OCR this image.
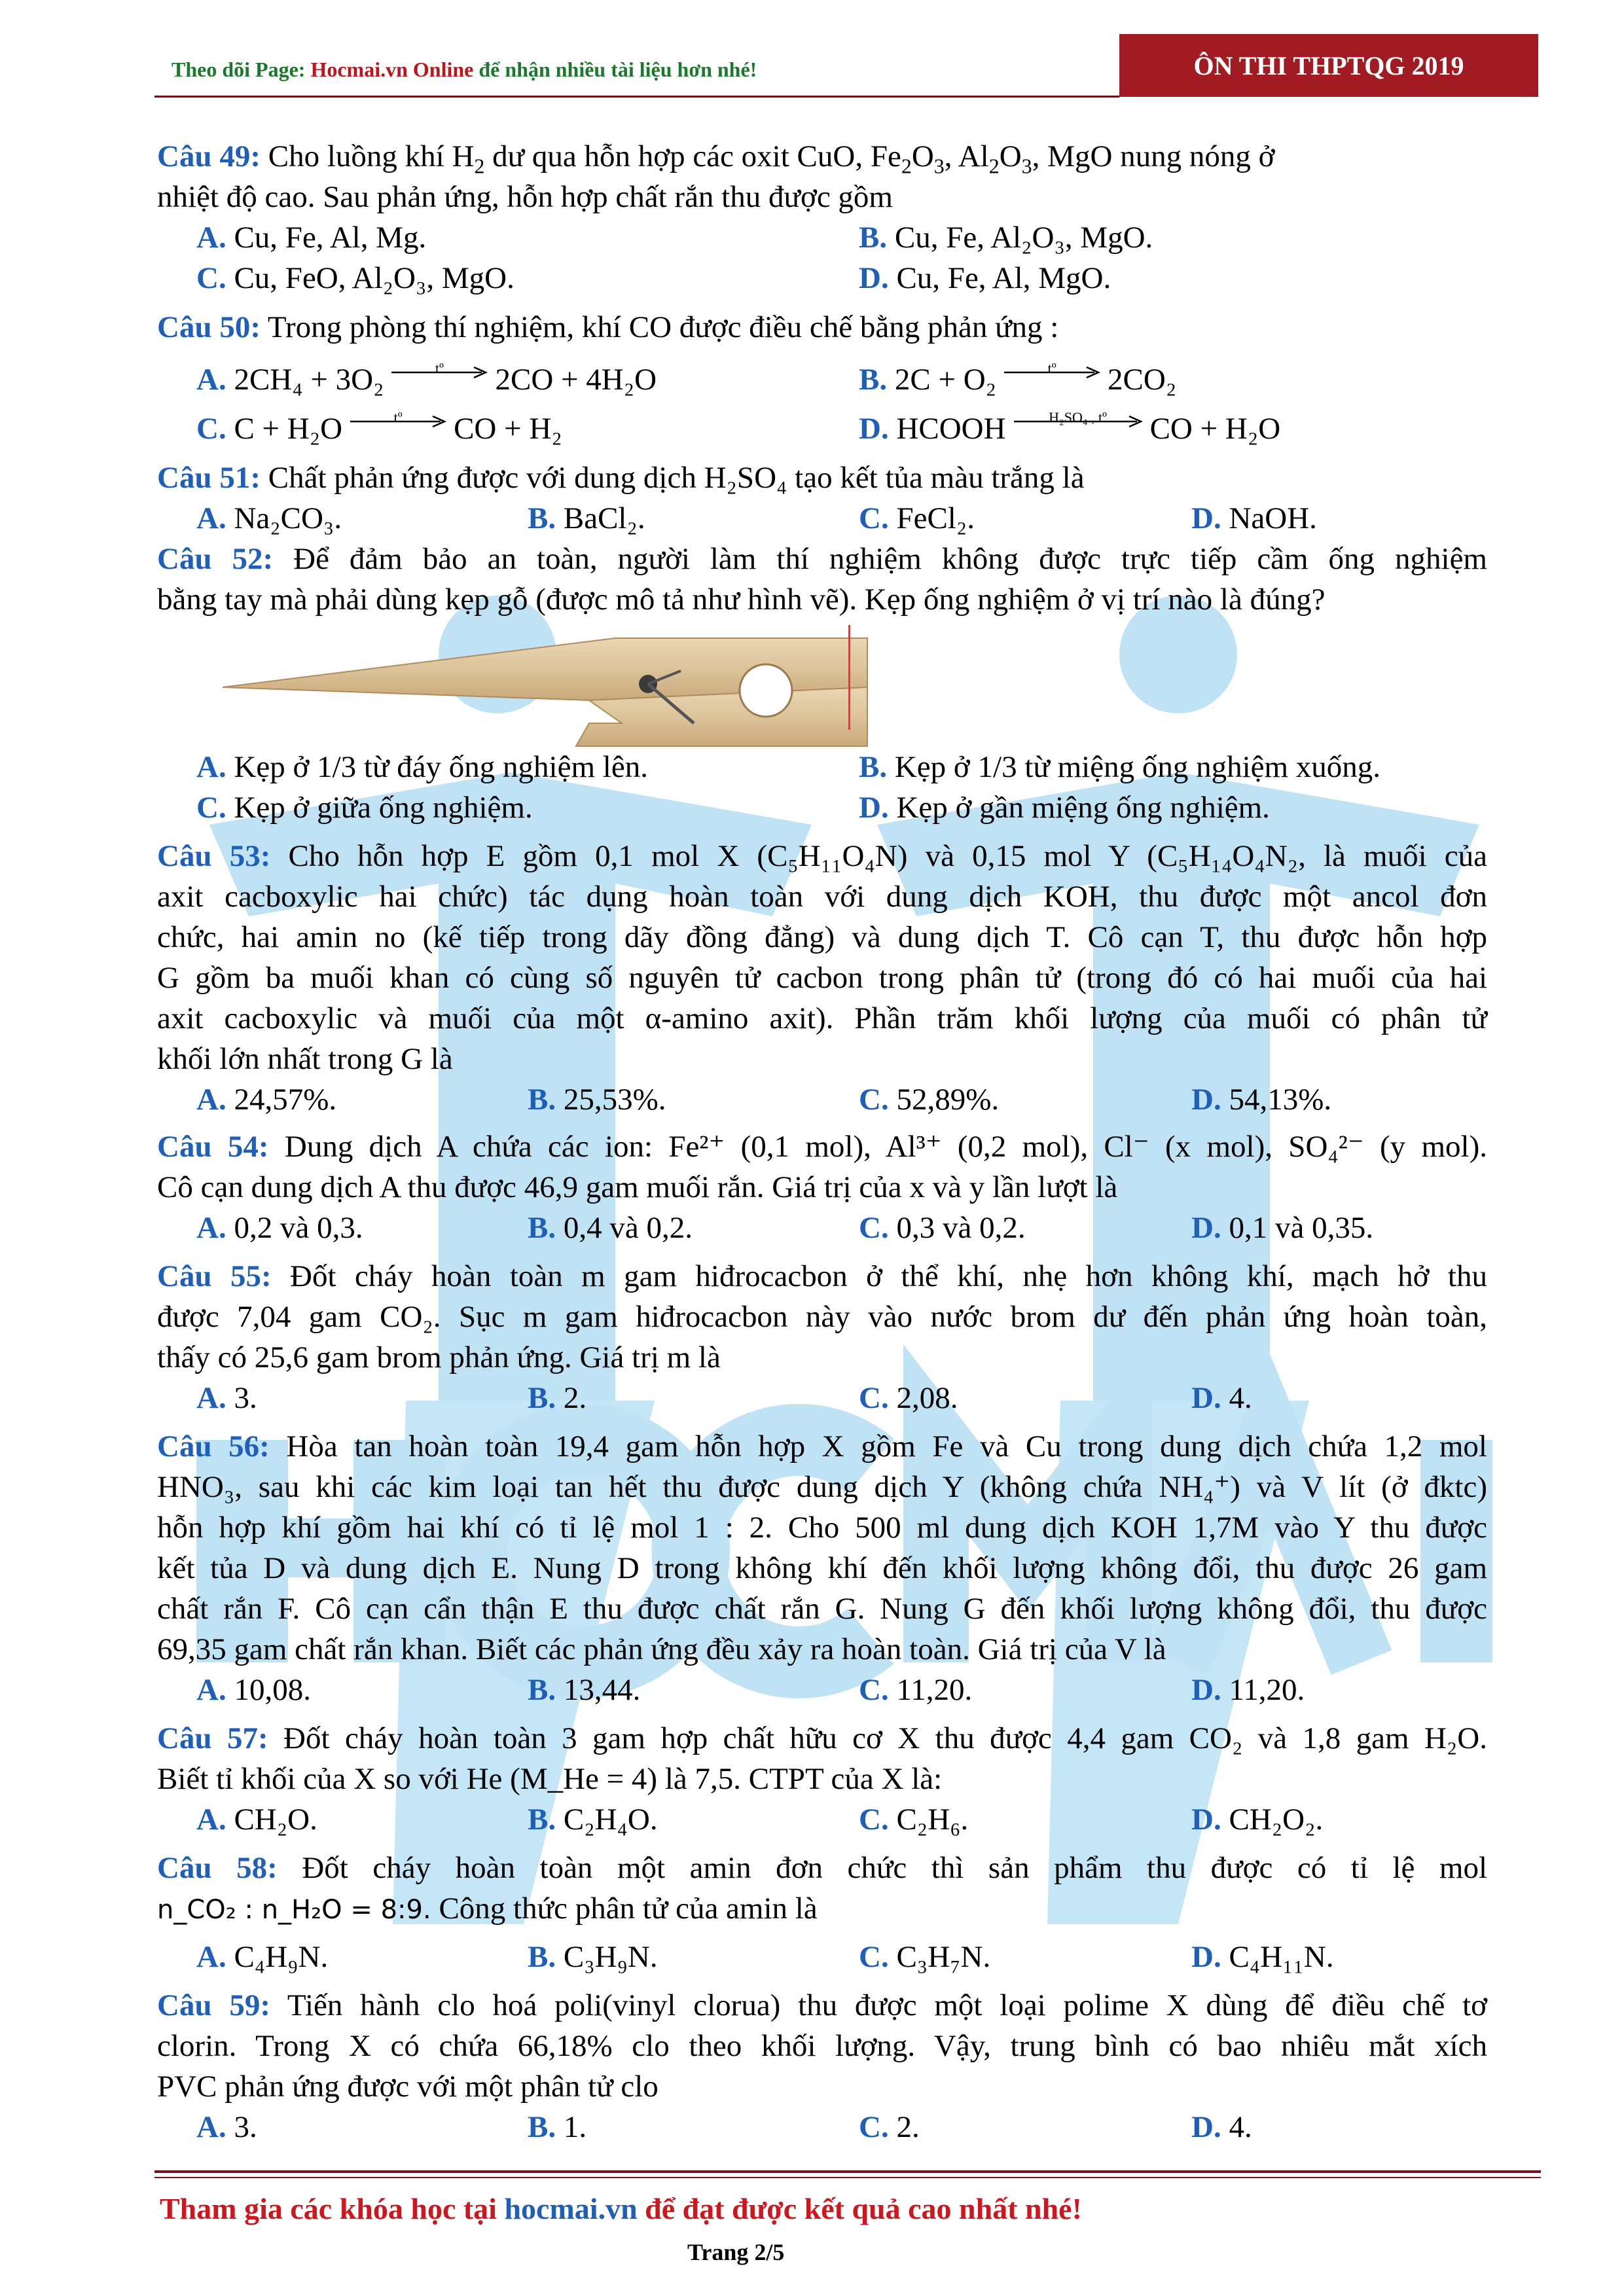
Theo dõi Page: Hocmai.vn Online để nhận nhiều tài liệu hơn nhé!	ÔN THI THPTQG 2019
Câu 49: Cho luồng khí $H_2$ dư qua hỗn hợp các oxit CuO, $Fe_2O_3$, $Al_2O_3$, MgO nung nóng ở
nhiệt độ cao. Sau phản ứng, hỗn hợp chất rắn thu được gồm
A. Cu, Fe, Al, Mg.	B. Cu, Fe, Al₂O₃, MgO.
C. Cu, FeO, Al₂O₃, MgO.	D. Cu, Fe, Al, MgO.
Câu 50: Trong phòng thí nghiệm, khí CO được điều chế bằng phản ứng :
A. 2CH₄ + 3O₂	tº	2CO + 4H₂O	B. 2C + O₂	tº	2CO₂
C. C + H₂O	tº	CO + H₂	D. HCOOH	H₂SO₄ , tº	CO + H₂O
Câu 51: Chất phản ứng được với dung dịch H₂SO₄ tạo kết tủa màu trắng là
A. Na₂CO₃.	B. BaCl₂.	C. FeCl₂.	D. NaOH.
Câu 52: Để đảm bảo an toàn, người làm thí nghiệm không được trực tiếp cầm ống nghiệm
bằng tay mà phải dùng kẹp gỗ (được mô tả như hình vẽ). Kẹp ống nghiệm ở vị trí nào là đúng?
A. Kẹp ở 1/3 từ đáy ống nghiệm lên.	B. Kẹp ở 1/3 từ miệng ống nghiệm xuống.
C. Kẹp ở giữa ống nghiệm.	D. Kẹp ở gần miệng ống nghiệm.
Câu 53: Cho hỗn hợp E gồm 0,1 mol X (C₅H₁₁O₄N) và 0,15 mol Y (C₅H₁₄O₄N₂, là muối của
axit cacboxylic hai chức) tác dụng hoàn toàn với dung dịch KOH, thu được một ancol đơn
chức, hai amin no (kế tiếp trong dãy đồng đẳng) và dung dịch T. Cô cạn T, thu được hỗn hợp
G gồm ba muối khan có cùng số nguyên tử cacbon trong phân tử (trong đó có hai muối của hai
axit cacboxylic và muối của một α-amino axit). Phần trăm khối lượng của muối có phân tử
khối lớn nhất trong G là
A. 24,57%.	B. 25,53%.	C. 52,89%.	D. 54,13%.
Câu 54: Dung dịch A chứa các ion: Fe²⁺ (0,1 mol), Al³⁺ (0,2 mol), Cl⁻ (x mol), SO₄²⁻ (y mol).
Cô cạn dung dịch A thu được 46,9 gam muối rắn. Giá trị của x và y lần lượt là
A. 0,2 và 0,3.	B. 0,4 và 0,2.	C. 0,3 và 0,2.	D. 0,1 và 0,35.
Câu 55: Đốt cháy hoàn toàn m gam hiđrocacbon ở thể khí, nhẹ hơn không khí, mạch hở thu
được 7,04 gam CO₂. Sục m gam hiđrocacbon này vào nước brom dư đến phản ứng hoàn toàn,
thấy có 25,6 gam brom phản ứng. Giá trị m là
A. 3.	B. 2.	C. 2,08.	D. 4.
Câu 56: Hòa tan hoàn toàn 19,4 gam hỗn hợp X gồm Fe và Cu trong dung dịch chứa 1,2 mol
HNO₃, sau khi các kim loại tan hết thu được dung dịch Y (không chứa NH₄⁺) và V lít (ở đktc)
hỗn hợp khí gồm hai khí có tỉ lệ mol 1 : 2. Cho 500 ml dung dịch KOH 1,7M vào Y thu được
kết tủa D và dung dịch E. Nung D trong không khí đến khối lượng không đổi, thu được 26 gam
chất rắn F. Cô cạn cẩn thận E thu được chất rắn G. Nung G đến khối lượng không đổi, thu được
69,35 gam chất rắn khan. Biết các phản ứng đều xảy ra hoàn toàn. Giá trị của V là
A. 10,08.	B. 13,44.	C. 11,20.	D. 11,20.
Câu 57: Đốt cháy hoàn toàn 3 gam hợp chất hữu cơ X thu được 4,4 gam CO₂ và 1,8 gam H₂O.
Biết tỉ khối của X so với He (M_He = 4) là 7,5. CTPT của X là:
A. CH₂O.	B. C₂H₄O.	C. C₂H₆.	D. CH₂O₂.
Câu 58: Đốt cháy hoàn toàn một amin đơn chức thì sản phẩm thu được có tỉ lệ mol
n_CO₂ : n_H₂O = 8:9. Công thức phân tử của amin là
A. C₄H₉N.	B. C₃H₉N.	C. C₃H₇N.	D. C₄H₁₁N.
Câu 59: Tiến hành clo hoá poli(vinyl clorua) thu được một loại polime X dùng để điều chế tơ
clorin. Trong X có chứa 66,18% clo theo khối lượng. Vậy, trung bình có bao nhiêu mắt xích
PVC phản ứng được với một phân tử clo
A. 3.	B. 1.	C. 2.	D. 4.
Tham gia các khóa học tại hocmai.vn để đạt được kết quả cao nhất nhé!
Trang 2/5
